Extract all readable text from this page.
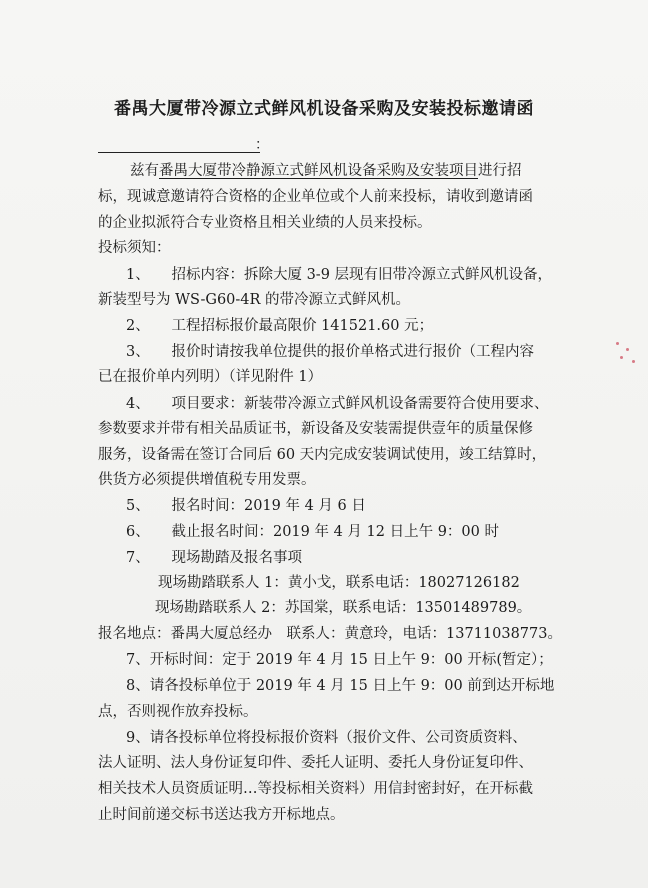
番禺大厦带冷源立式鲜风机设备采购及安装投标邀请函
：
兹有番禺大厦带冷静源立式鲜风机设备采购及安装项目进行招
标，现诚意邀请符合资格的企业单位或个人前来投标，请收到邀请函
的企业拟派符合专业资格且相关业绩的人员来投标。
投标须知：
1、　　招标内容：拆除大厦 3-9 层现有旧带冷源立式鲜风机设备，
新装型号为 WS-G60-4R 的带冷源立式鲜风机。
2、　　工程招标报价最高限价 141521.60 元；
3、　　报价时请按我单位提供的报价单格式进行报价（工程内容
已在报价单内列明）（详见附件 1）
4、　　项目要求：新装带冷源立式鲜风机设备需要符合使用要求、
参数要求并带有相关品质证书，新设备及安装需提供壹年的质量保修
服务，设备需在签订合同后 60 天内完成安装调试使用，竣工结算时，
供货方必须提供增值税专用发票。
5、　　报名时间：2019 年 4 月 6 日
6、　　截止报名时间：2019 年 4 月 12 日上午 9：00 时
7、　　现场勘踏及报名事项
现场勘踏联系人 1：黄小戈，联系电话：18027126182
现场勘踏联系人 2：苏国棠，联系电话：13501489789。
报名地点：番禺大厦总经办　联系人：黄意玲，电话：13711038773。
7、开标时间：定于 2019 年 4 月 15 日上午 9：00 开标(暂定）；
8、请各投标单位于 2019 年 4 月 15 日上午 9：00 前到达开标地
点，否则视作放弃投标。
9、请各投标单位将投标报价资料（报价文件、公司资质资料、
法人证明、法人身份证复印件、委托人证明、委托人身份证复印件、
相关技术人员资质证明…等投标相关资料）用信封密封好，在开标截
止时间前递交标书送达我方开标地点。
